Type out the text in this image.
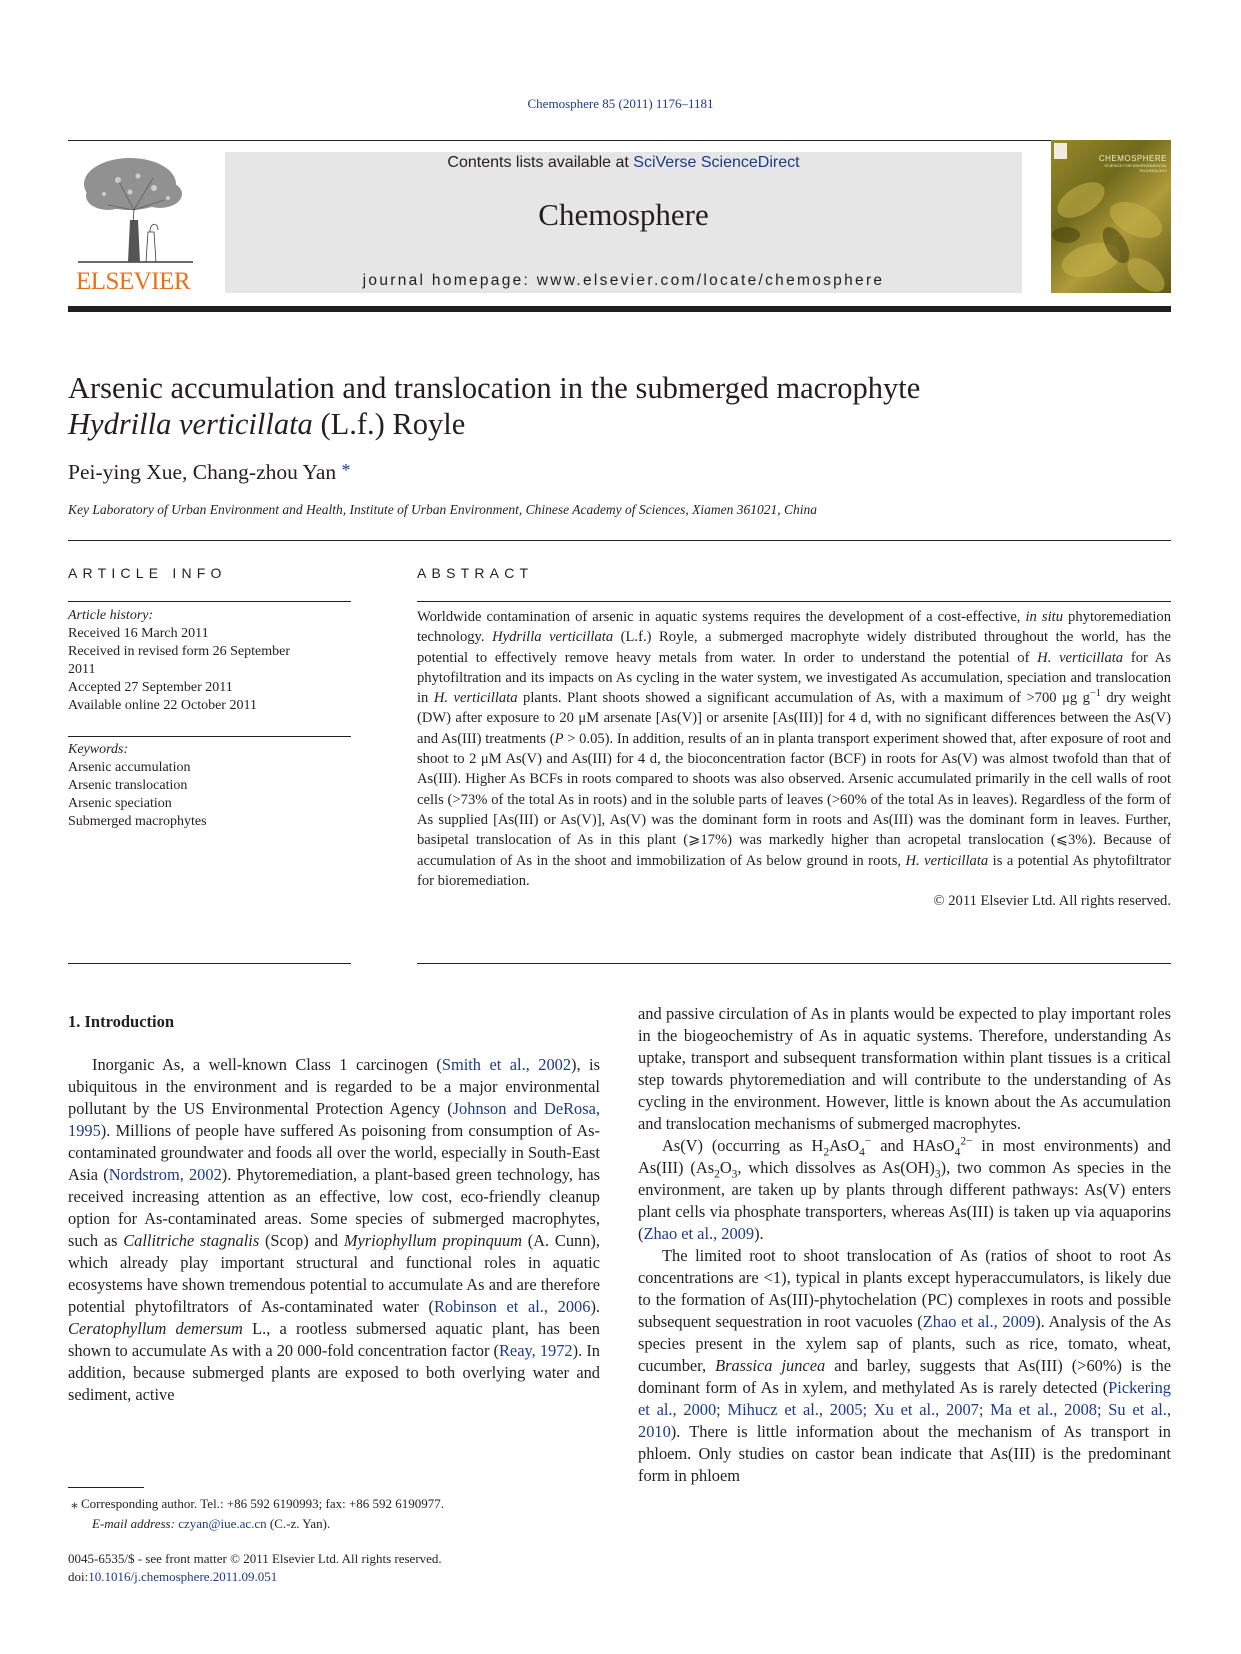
Chemosphere 85 (2011) 1176–1181
ELSEVIER
Contents lists available at SciVerse ScienceDirect
Chemosphere
journal homepage: www.elsevier.com/locate/chemosphere
CHEMOSPHERE
SCIENCE FOR ENVIRONMENTAL TECHNOLOGY
Arsenic accumulation and translocation in the submerged macrophyte
Hydrilla verticillata (L.f.) Royle
Pei-ying Xue, Chang-zhou Yan *
Key Laboratory of Urban Environment and Health, Institute of Urban Environment, Chinese Academy of Sciences, Xiamen 361021, China
ARTICLE INFO
Article history:
Received 16 March 2011
Received in revised form 26 September
2011
Accepted 27 September 2011
Available online 22 October 2011
Keywords:
Arsenic accumulation
Arsenic translocation
Arsenic speciation
Submerged macrophytes
ABSTRACT
Worldwide contamination of arsenic in aquatic systems requires the development of a cost-effective, in situ phytoremediation technology. Hydrilla verticillata (L.f.) Royle, a submerged macrophyte widely distributed throughout the world, has the potential to effectively remove heavy metals from water. In order to understand the potential of H. verticillata for As phytofiltration and its impacts on As cycling in the water system, we investigated As accumulation, speciation and translocation in H. verticillata plants. Plant shoots showed a significant accumulation of As, with a maximum of >700 μg $g^{-1}$ dry weight (DW) after exposure to 20 μM arsenate [As(V)] or arsenite [As(III)] for 4 d, with no significant differences between the As(V) and As(III) treatments (P > 0.05). In addition, results of an in planta transport experiment showed that, after exposure of root and shoot to 2 μM As(V) and As(III) for 4 d, the bioconcentration factor (BCF) in roots for As(V) was almost twofold than that of As(III). Higher As BCFs in roots compared to shoots was also observed. Arsenic accumulated primarily in the cell walls of root cells (>73% of the total As in roots) and in the soluble parts of leaves (>60% of the total As in leaves). Regardless of the form of As supplied [As(III) or As(V)], As(V) was the dominant form in roots and As(III) was the dominant form in leaves. Further, basipetal translocation of As in this plant (⩾17%) was markedly higher than acropetal translocation (⩽3%). Because of accumulation of As in the shoot and immobilization of As below ground in roots, H. verticillata is a potential As phytofiltrator for bioremediation.
© 2011 Elsevier Ltd. All rights reserved.
1. Introduction

Inorganic As, a well-known Class 1 carcinogen (Smith et al., 2002), is ubiquitous in the environment and is regarded to be a major environmental pollutant by the US Environmental Protection Agency (Johnson and DeRosa, 1995). Millions of people have suffered As poisoning from consumption of As-contaminated groundwater and foods all over the world, especially in South-East Asia (Nordstrom, 2002). Phytoremediation, a plant-based green technology, has received increasing attention as an effective, low cost, eco-friendly cleanup option for As-contaminated areas. Some species of submerged macrophytes, such as Callitriche stagnalis (Scop) and Myriophyllum propinquum (A. Cunn), which already play important structural and functional roles in aquatic ecosystems have shown tremendous potential to accumulate As and are therefore potential phytofiltrators of As-contaminated water (Robinson et al., 2006). Ceratophyllum demersum L., a rootless submersed aquatic plant, has been shown to accumulate As with a 20 000-fold concentration factor (Reay, 1972). In addition, because submerged plants are exposed to both overlying water and sediment, active

⁎ Corresponding author. Tel.: +86 592 6190993; fax: +86 592 6190977.
E-mail address: czyan@iue.ac.cn (C.-z. Yan).
0045-6535/$ - see front matter © 2011 Elsevier Ltd. All rights reserved.
doi:10.1016/j.chemosphere.2011.09.051

and passive circulation of As in plants would be expected to play important roles in the biogeochemistry of As in aquatic systems. Therefore, understanding As uptake, transport and subsequent transformation within plant tissues is a critical step towards phytoremediation and will contribute to the understanding of As cycling in the environment. However, little is known about the As accumulation and translocation mechanisms of submerged macrophytes.

As(V) (occurring as $H_2AsO_4^-$ and HAsO$_4^{2-}$ in most environments) and As(III) ($As_2O_3$, which dissolves as $As(OH)_3$), two common As species in the environment, are taken up by plants through different pathways: As(V) enters plant cells via phosphate transporters, whereas As(III) is taken up via aquaporins (Zhao et al., 2009).

The limited root to shoot translocation of As (ratios of shoot to root As concentrations are <1), typical in plants except hyperaccumulators, is likely due to the formation of As(III)-phytochelation (PC) complexes in roots and possible subsequent sequestration in root vacuoles (Zhao et al., 2009). Analysis of the As species present in the xylem sap of plants, such as rice, tomato, wheat, cucumber, Brassica juncea and barley, suggests that As(III) (>60%) is the dominant form of As in xylem, and methylated As is rarely detected (Pickering et al., 2000; Mihucz et al., 2005; Xu et al., 2007; Ma et al., 2008; Su et al., 2010). There is little information about the mechanism of As transport in phloem. Only studies on castor bean indicate that As(III) is the predominant form in phloem
